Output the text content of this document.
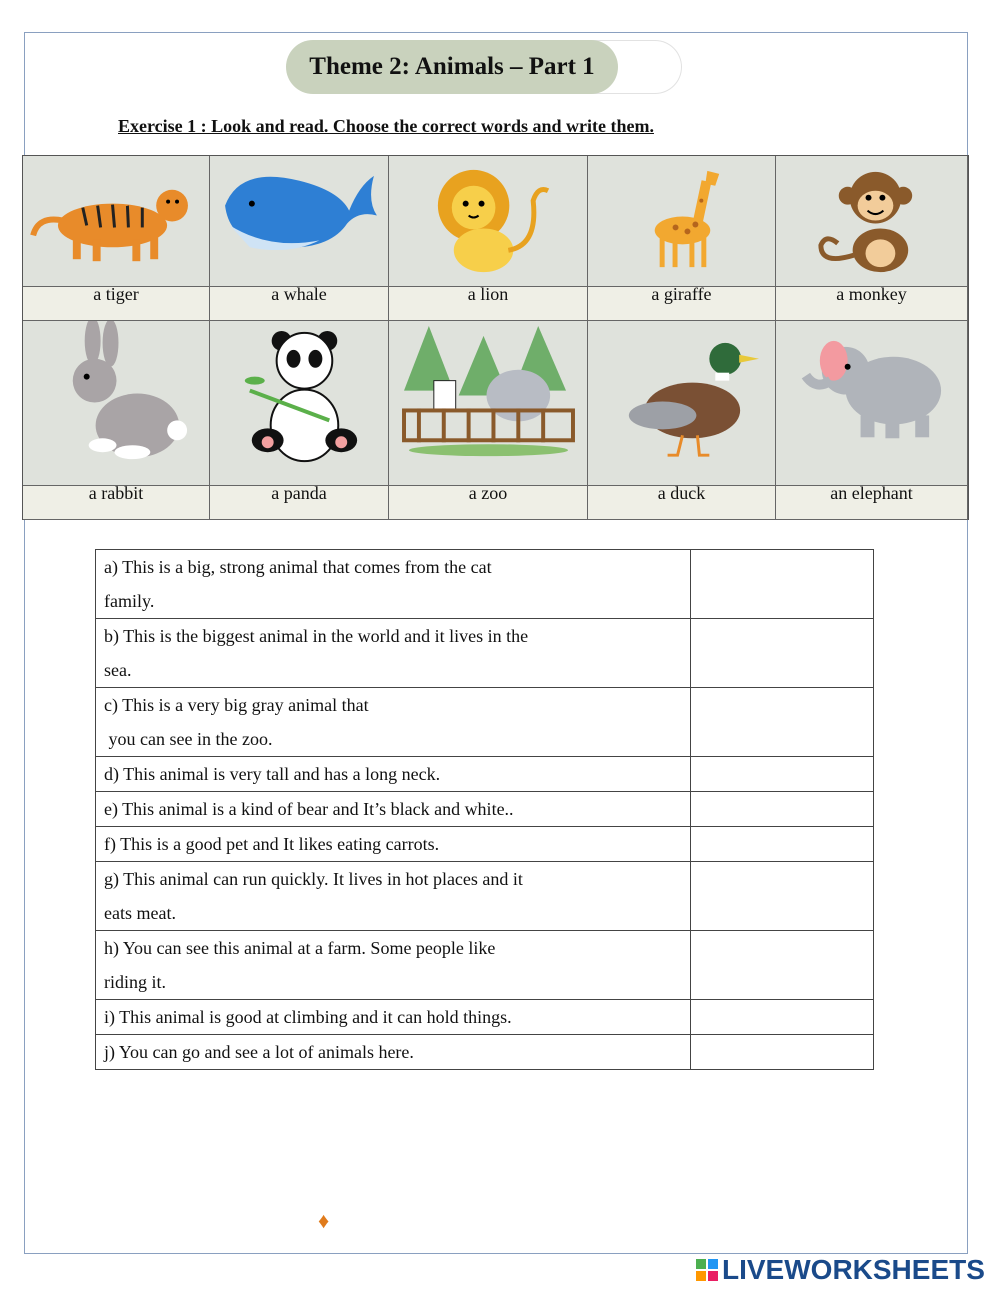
Theme 2: Animals – Part 1
Exercise 1 : Look and read. Choose the correct words and write them.
a tiger	a whale	a lion	a giraffe	a monkey
a rabbit	a panda	a zoo	a duck	an elephant
a) This is a big, strong animal that comes from the cat
family.	

b) This is the biggest animal in the world and it lives in the
sea.	

c) This is a very big gray animal that
you can see in the zoo.	

d) This animal is very tall and has a long neck.	

e) This animal is a kind of bear and It’s black and white..	

f) This is a good pet and It likes eating carrots.	

g) This animal can run quickly. It lives in hot places and it
eats meat.	

h) You can see this animal at a farm. Some people like
riding it.	

i) This animal is good at climbing and it can hold things.	

j) You can go and see a lot of animals here.	

♦
LIVEWORKSHEETS
